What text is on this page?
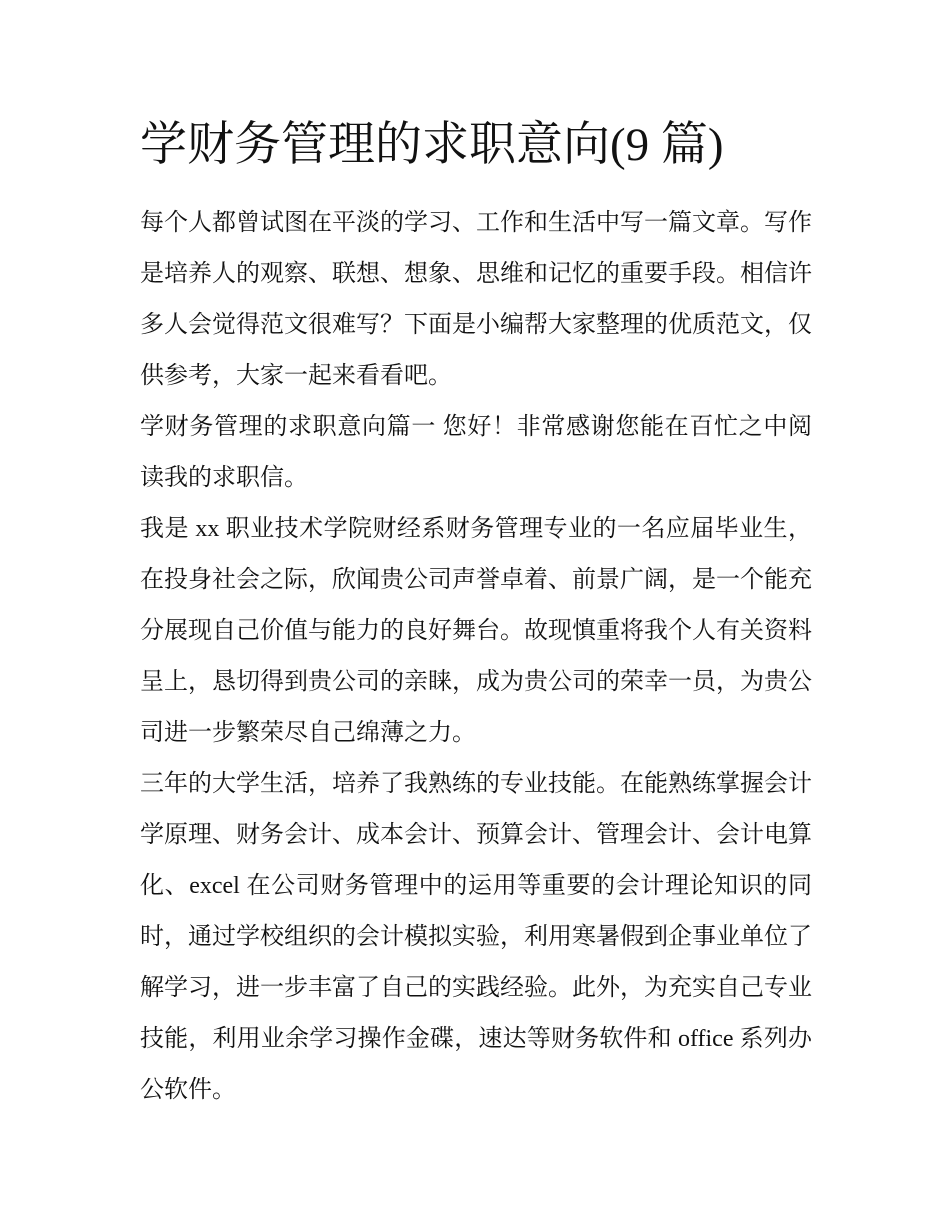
学财务管理的求职意向(9 篇)

每个人都曾试图在平淡的学习、工作和生活中写一篇文章。写作是培养人的观察、联想、想象、思维和记忆的重要手段。相信许多人会觉得范文很难写？下面是小编帮大家整理的优质范文，仅供参考，大家一起来看看吧。

学财务管理的求职意向篇一 您好！非常感谢您能在百忙之中阅读我的求职信。

我是 xx 职业技术学院财经系财务管理专业的一名应届毕业生，在投身社会之际，欣闻贵公司声誉卓着、前景广阔，是一个能充分展现自己价值与能力的良好舞台。故现慎重将我个人有关资料呈上，恳切得到贵公司的亲睐，成为贵公司的荣幸一员，为贵公司进一步繁荣尽自己绵薄之力。

三年的大学生活，培养了我熟练的专业技能。在能熟练掌握会计学原理、财务会计、成本会计、预算会计、管理会计、会计电算化、excel 在公司财务管理中的运用等重要的会计理论知识的同时，通过学校组织的会计模拟实验，利用寒暑假到企事业单位了解学习，进一步丰富了自己的实践经验。此外，为充实自己专业技能，利用业余学习操作金碟，速达等财务软件和 office 系列办公软件。
